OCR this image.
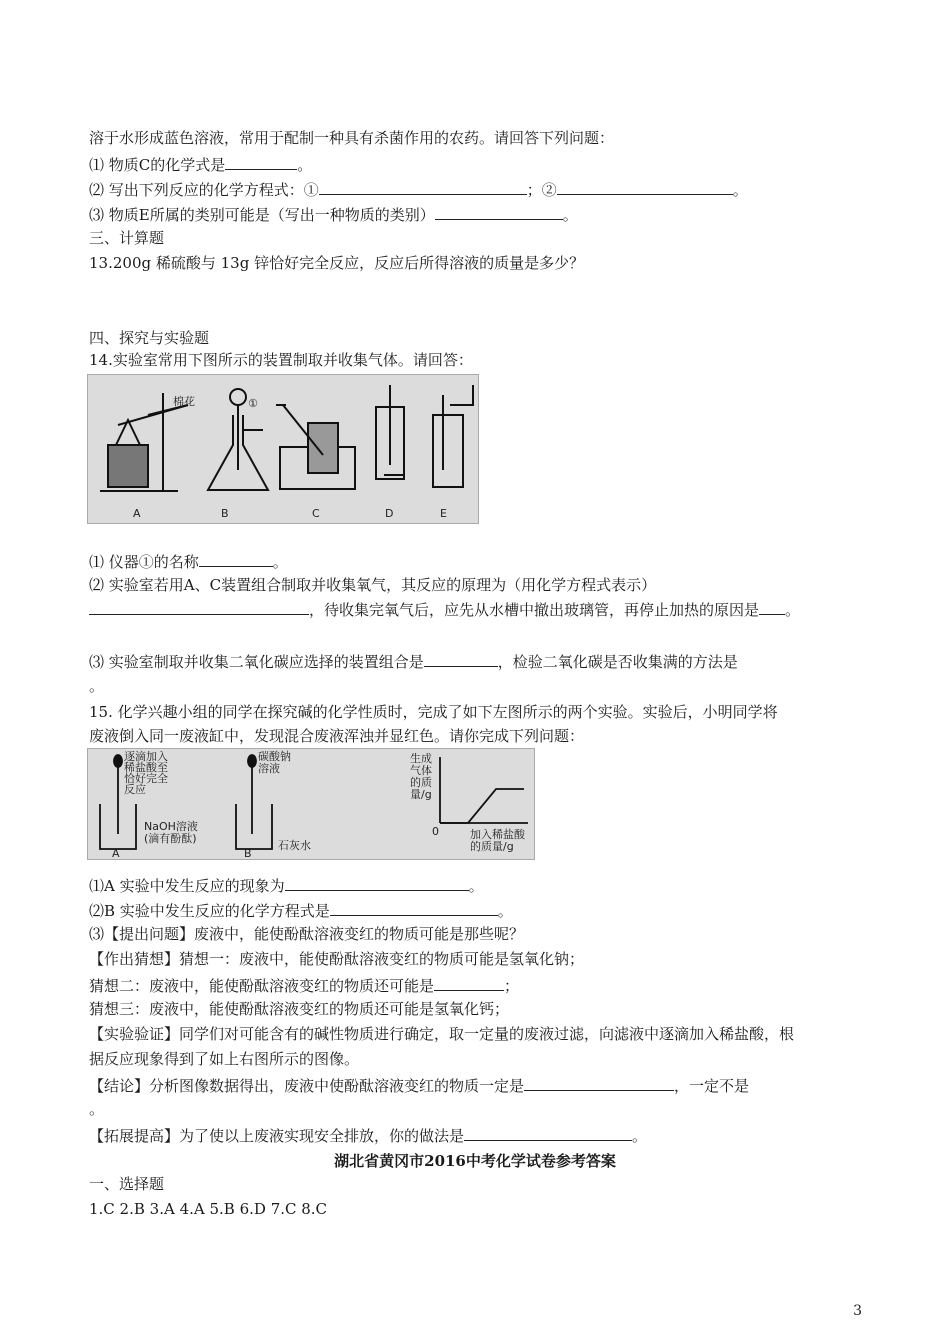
溶于水形成蓝色溶液，常用于配制一种具有杀菌作用的农药。请回答下列问题：
⑴ 物质C的化学式是	。
⑵ 写出下列反应的化学方程式：①	；②	。
⑶ 物质E所属的类别可能是（写出一种物质的类别）	。
三、计算题
13.200g 稀硫酸与 13g 锌恰好完全反应，反应后所得溶液的质量是多少？
四、探究与实验题
14.实验室常用下图所示的装置制取并收集气体。请回答：
棉花	①
A	B	C	D	E
⑴ 仪器①的名称	。
⑵ 实验室若用A、C装置组合制取并收集氧气，其反应的原理为（用化学方程式表示）
，待收集完氧气后，应先从水槽中撤出玻璃管，再停止加热的原因是 。
⑶ 实验室制取并收集二氧化碳应选择的装置组合是	，检验二氧化碳是否收集满的方法是
。
15. 化学兴趣小组的同学在探究碱的化学性质时，完成了如下左图所示的两个实验。实验后，小明同学将
废液倒入同一废液缸中，发现混合废液浑浊并显红色。请你完成下列问题：
逐滴加入
稀盐酸至
恰好完全
反应
NaOH溶液
(滴有酚酞)
A
碳酸钠
溶液
石灰水
B
生成
气体
的质
量/g
0	加入稀盐酸
的质量/g
⑴A 实验中发生反应的现象为	。
⑵B 实验中发生反应的化学方程式是	。
⑶【提出问题】废液中，能使酚酞溶液变红的物质可能是那些呢？
【作出猜想】猜想一：废液中，能使酚酞溶液变红的物质可能是氢氧化钠；
猜想二：废液中，能使酚酞溶液变红的物质还可能是	；
猜想三：废液中，能使酚酞溶液变红的物质还可能是氢氧化钙；
【实验验证】同学们对可能含有的碱性物质进行确定，取一定量的废液过滤，向滤液中逐滴加入稀盐酸，根
据反应现象得到了如上右图所示的图像。
【结论】分析图像数据得出，废液中使酚酞溶液变红的物质一定是	，一定不是
。
【拓展提高】为了使以上废液实现安全排放，你的做法是	。
湖北省黄冈市2016中考化学试卷参考答案
一、选择题
1.C 2.B 3.A 4.A 5.B 6.D 7.C 8.C
3
